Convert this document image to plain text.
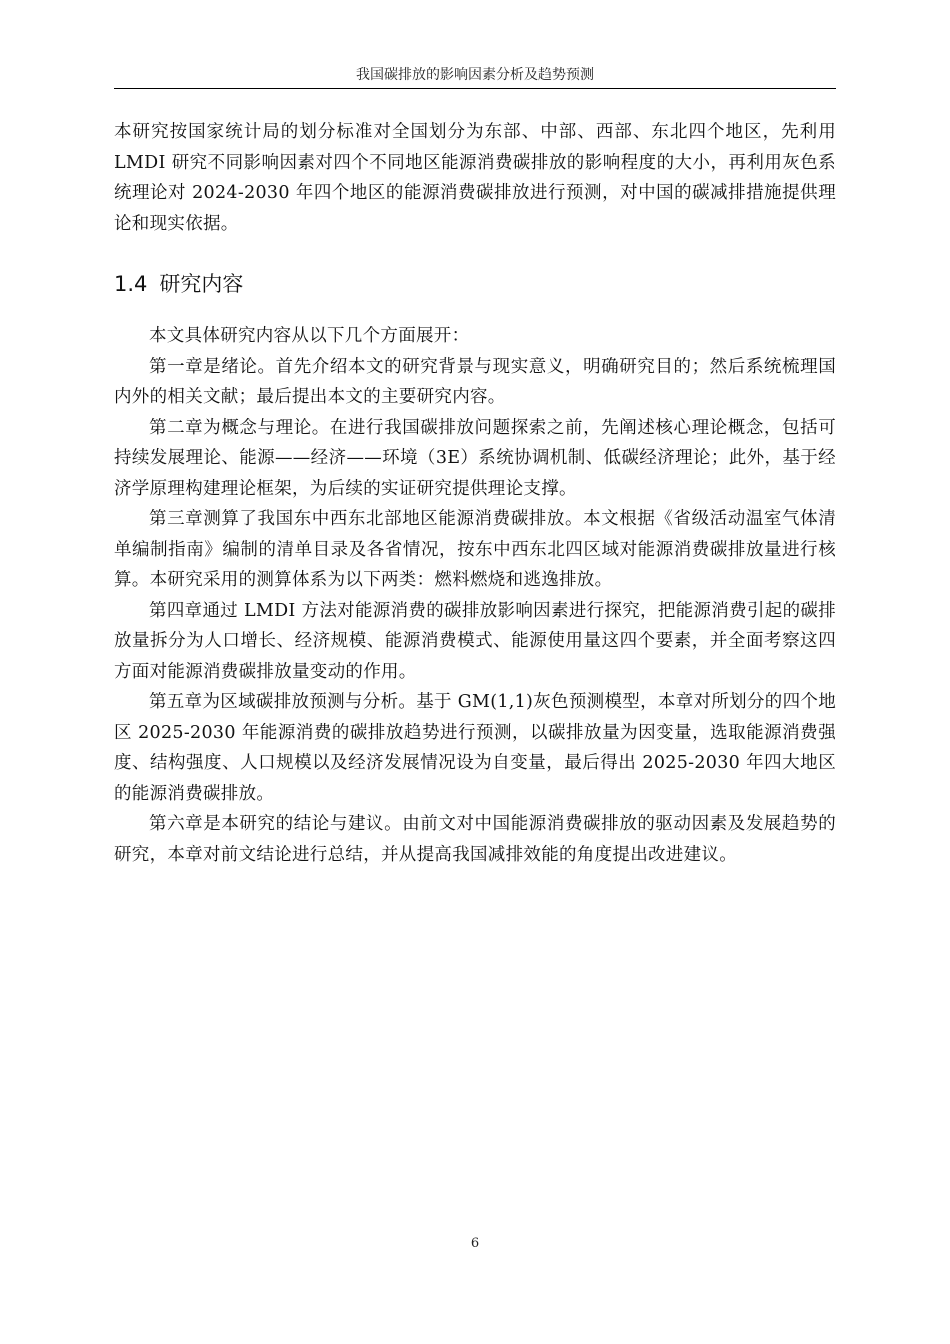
我国碳排放的影响因素分析及趋势预测

本研究按国家统计局的划分标准对全国划分为东部、中部、西部、东北四个地区，先利用 LMDI 研究不同影响因素对四个不同地区能源消费碳排放的影响程度的大小，再利用灰色系统理论对 2024-2030 年四个地区的能源消费碳排放进行预测，对中国的碳减排措施提供理论和现实依据。

1.4 研究内容

本文具体研究内容从以下几个方面展开：

第一章是绪论。首先介绍本文的研究背景与现实意义，明确研究目的；然后系统梳理国内外的相关文献；最后提出本文的主要研究内容。

第二章为概念与理论。在进行我国碳排放问题探索之前，先阐述核心理论概念，包括可持续发展理论、能源——经济——环境（3E）系统协调机制、低碳经济理论；此外，基于经济学原理构建理论框架，为后续的实证研究提供理论支撑。

第三章测算了我国东中西东北部地区能源消费碳排放。本文根据《省级活动温室气体清单编制指南》编制的清单目录及各省情况，按东中西东北四区域对能源消费碳排放量进行核算。本研究采用的测算体系为以下两类：燃料燃烧和逃逸排放。

第四章通过 LMDI 方法对能源消费的碳排放影响因素进行探究，把能源消费引起的碳排放量拆分为人口增长、经济规模、能源消费模式、能源使用量这四个要素，并全面考察这四方面对能源消费碳排放量变动的作用。

第五章为区域碳排放预测与分析。基于 GM(1,1)灰色预测模型，本章对所划分的四个地区 2025-2030 年能源消费的碳排放趋势进行预测，以碳排放量为因变量，选取能源消费强度、结构强度、人口规模以及经济发展情况设为自变量，最后得出 2025-2030 年四大地区的能源消费碳排放。

第六章是本研究的结论与建议。由前文对中国能源消费碳排放的驱动因素及发展趋势的研究，本章对前文结论进行总结，并从提高我国减排效能的角度提出改进建议。

6
